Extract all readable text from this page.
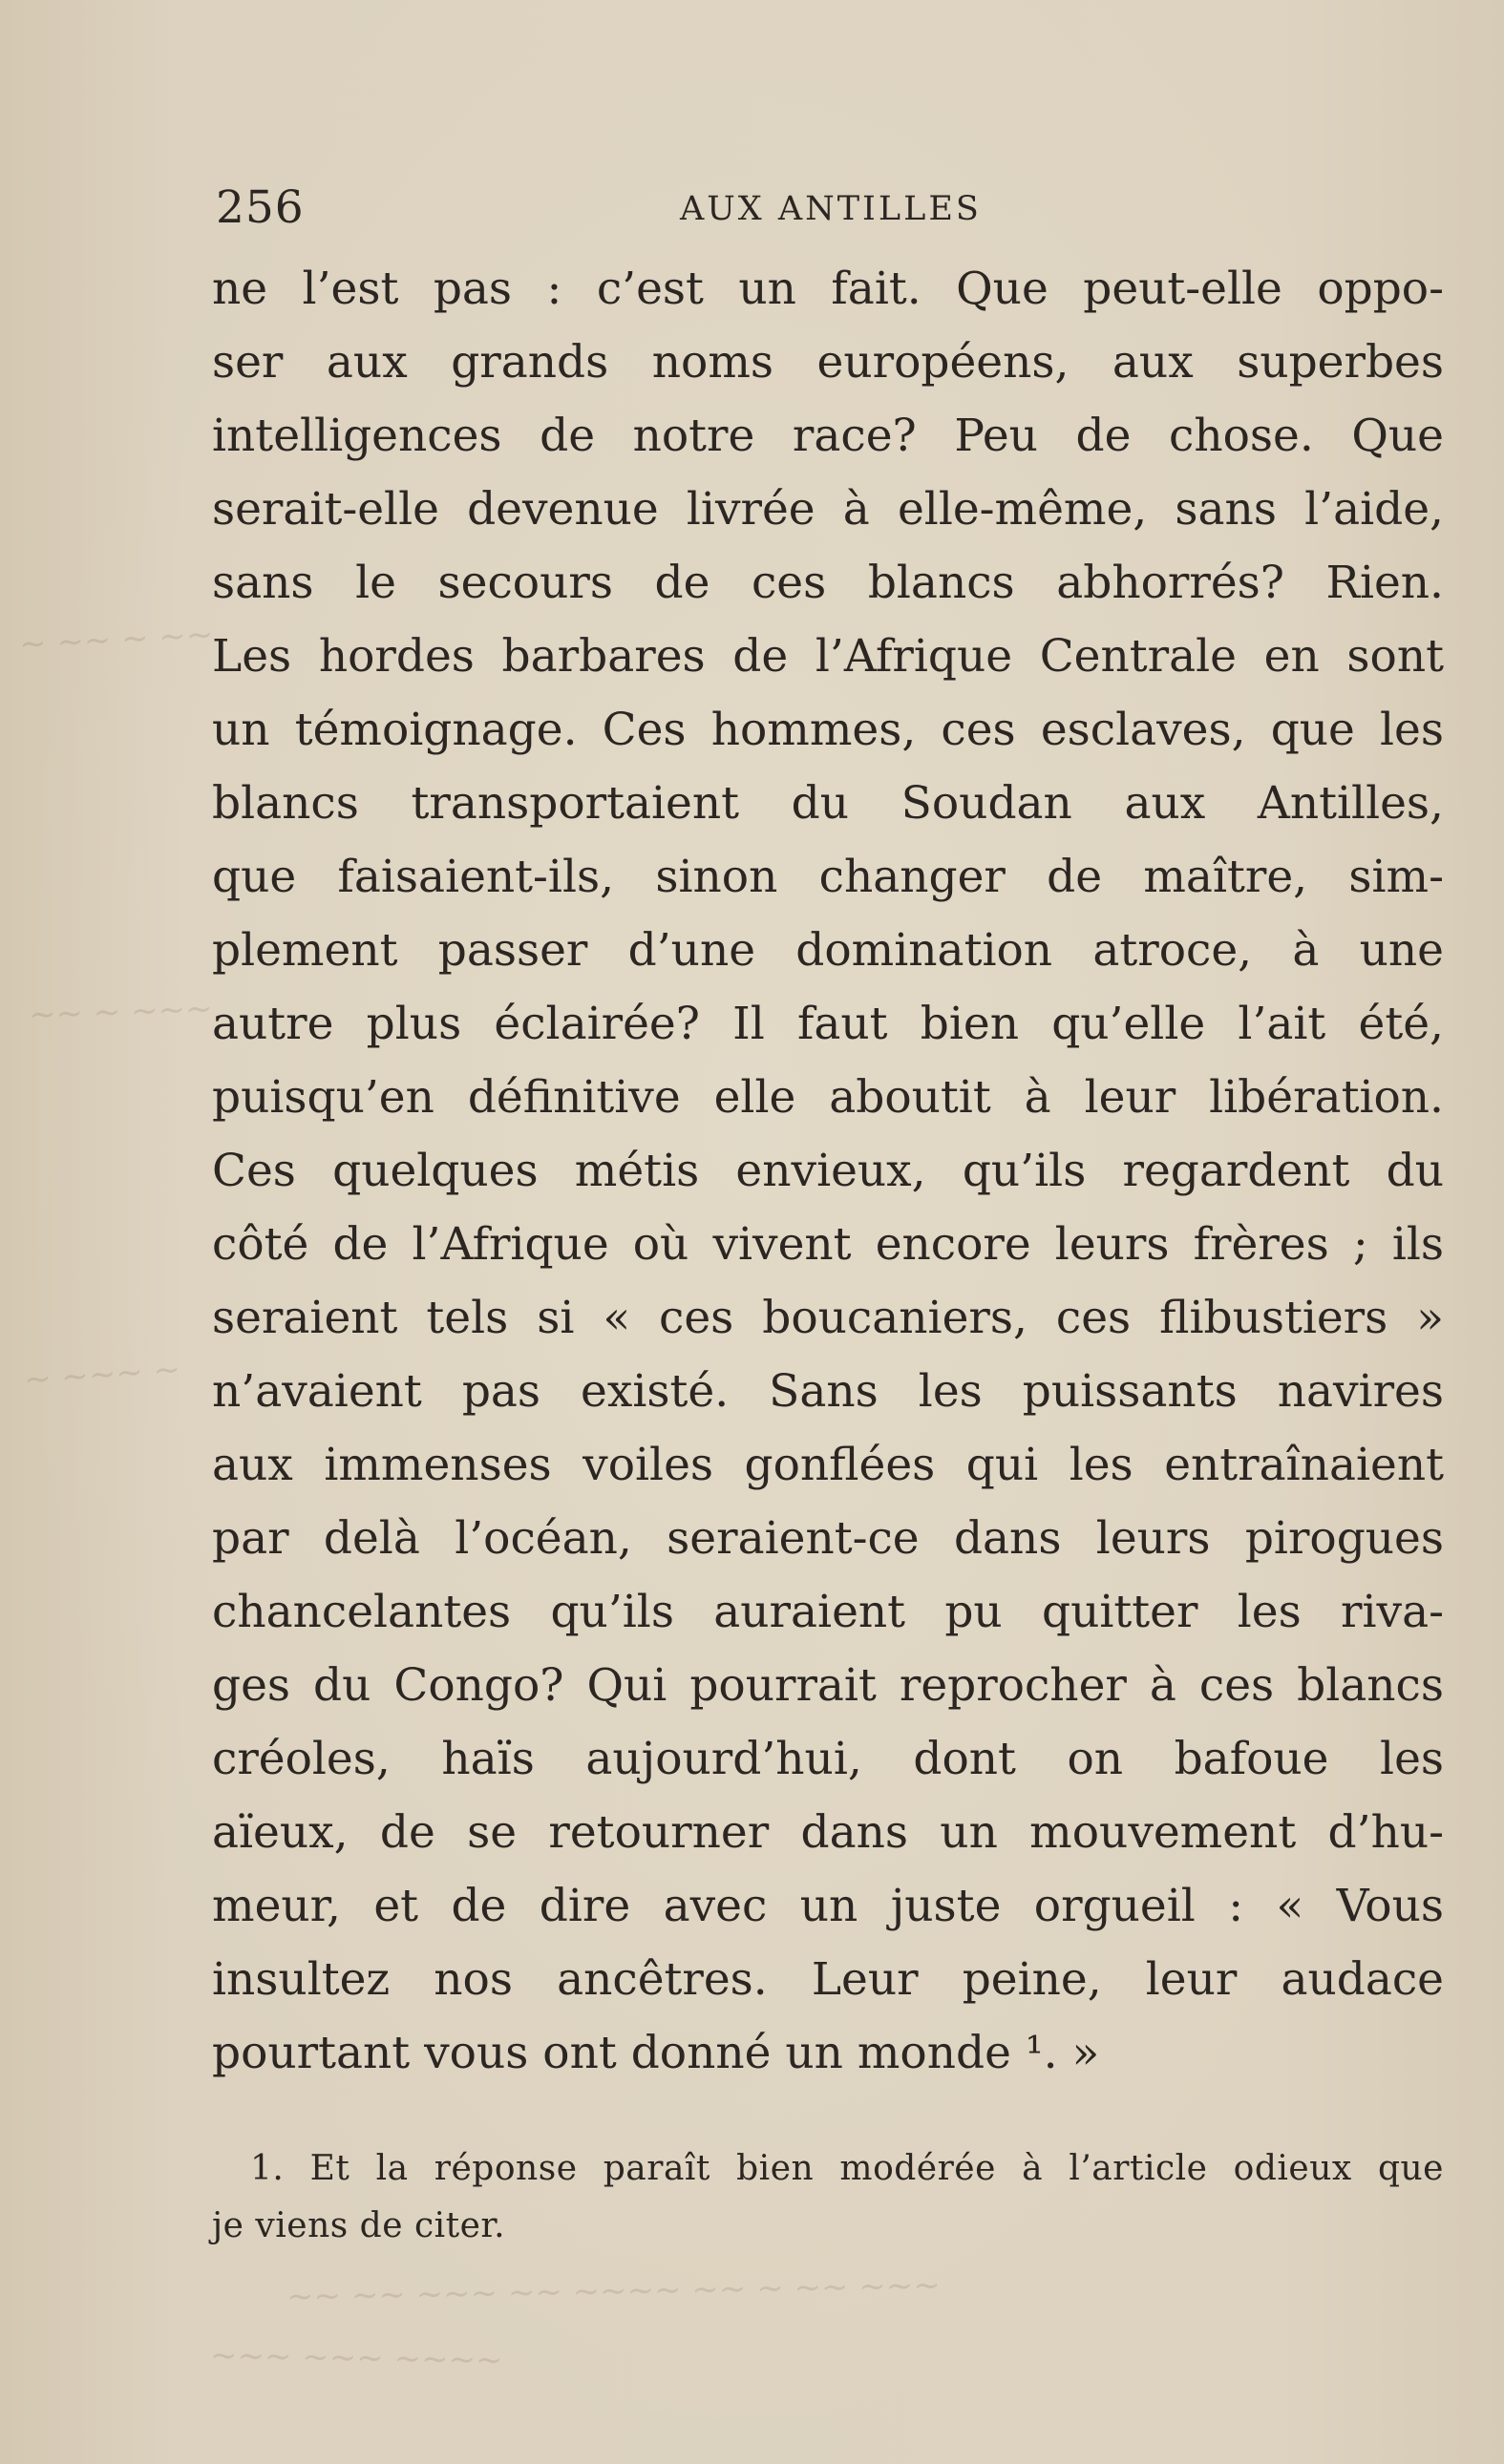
~ ~~ ~ ~~
~~ ~ ~~~
~ ~~~ ~
~~ ~~ ~~~ ~~ ~~~~ ~~ ~ ~~ ~~~
~~~ ~~~ ~~~~
256	AUX ANTILLES
ne l’est pas : c’est un fait. Que peut-elle oppo-
ser aux grands noms européens, aux superbes
intelligences de notre race? Peu de chose. Que
serait-elle devenue livrée à elle-même, sans l’aide,
sans le secours de ces blancs abhorrés? Rien.
Les hordes barbares de l’Afrique Centrale en sont
un témoignage. Ces hommes, ces esclaves, que les
blancs transportaient du Soudan aux Antilles,
que faisaient-ils, sinon changer de maître, sim-
plement passer d’une domination atroce, à une
autre plus éclairée? Il faut bien qu’elle l’ait été,
puisqu’en définitive elle aboutit à leur libération.
Ces quelques métis envieux, qu’ils regardent du
côté de l’Afrique où vivent encore leurs frères ; ils
seraient tels si « ces boucaniers, ces flibustiers »
n’avaient pas existé. Sans les puissants navires
aux immenses voiles gonflées qui les entraînaient
par delà l’océan, seraient-ce dans leurs pirogues
chancelantes qu’ils auraient pu quitter les riva-
ges du Congo? Qui pourrait reprocher à ces blancs
créoles, haïs aujourd’hui, dont on bafoue les
aïeux, de se retourner dans un mouvement d’hu-
meur, et de dire avec un juste orgueil : « Vous
insultez nos ancêtres. Leur peine, leur audace
pourtant vous ont donné un monde ¹. »
1. Et la réponse paraît bien modérée à l’article odieux que
je viens de citer.
